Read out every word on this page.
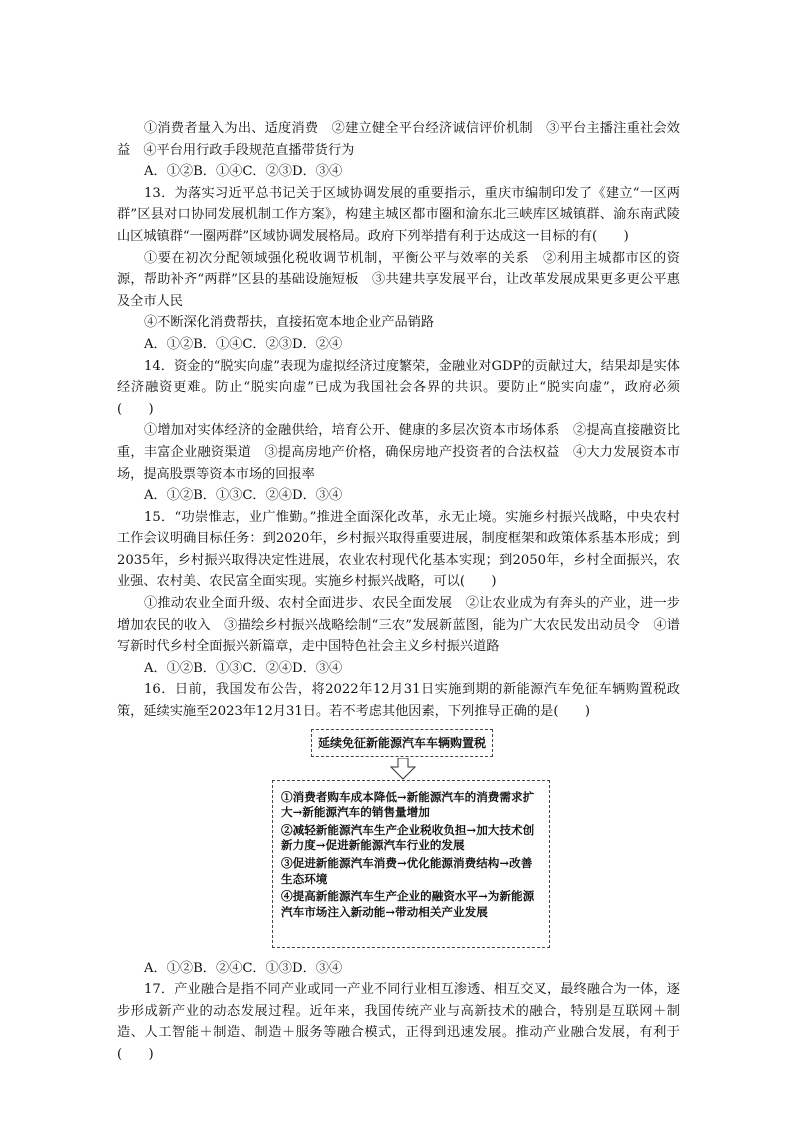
①消费者量入为出、适度消费　②建立健全平台经济诚信评价机制　③平台主播注重社会效益　④平台用行政手段规范直播带货行为

A．①②B．①④C．②③D．③④

13．为落实习近平总书记关于区域协调发展的重要指示，重庆市编制印发了《建立“一区两群”区县对口协同发展机制工作方案》，构建主城区都市圈和渝东北三峡库区城镇群、渝东南武陵山区城镇群“一圈两群”区域协调发展格局。政府下列举措有利于达成这一目标的有(　　)

①要在初次分配领域强化税收调节机制，平衡公平与效率的关系　②利用主城都市区的资源，帮助补齐“两群”区县的基础设施短板　③共建共享发展平台，让改革发展成果更多更公平惠及全市人民

④不断深化消费帮扶，直接拓宽本地企业产品销路

A．①②B．①④C．②③D．②④

14．资金的“脱实向虚”表现为虚拟经济过度繁荣，金融业对GDP的贡献过大，结果却是实体经济融资更难。防止“脱实向虚”已成为我国社会各界的共识。要防止“脱实向虚”，政府必须(　　)

①增加对实体经济的金融供给，培育公开、健康的多层次资本市场体系　②提高直接融资比重，丰富企业融资渠道　③提高房地产价格，确保房地产投资者的合法权益　④大力发展资本市场，提高股票等资本市场的回报率

A．①②B．①③C．②④D．③④

15．“功崇惟志，业广惟勤。”推进全面深化改革，永无止境。实施乡村振兴战略，中央农村工作会议明确目标任务：到2020年，乡村振兴取得重要进展，制度框架和政策体系基本形成；到2035年，乡村振兴取得决定性进展，农业农村现代化基本实现；到2050年，乡村全面振兴，农业强、农村美、农民富全面实现。实施乡村振兴战略，可以(　　)

①推动农业全面升级、农村全面进步、农民全面发展　②让农业成为有奔头的产业，进一步增加农民的收入　③描绘乡村振兴战略绘制“三农”发展新蓝图，能为广大农民发出动员令　④谱写新时代乡村全面振兴新篇章，走中国特色社会主义乡村振兴道路

A．①②B．①③C．②④D．③④

16．日前，我国发布公告，将2022年12月31日实施到期的新能源汽车免征车辆购置税政策，延续实施至2023年12月31日。若不考虑其他因素，下列推导正确的是(　　)

延续免征新能源汽车车辆购置税

①消费者购车成本降低→新能源汽车的消费需求扩大→新能源汽车的销售量增加

②减轻新能源汽车生产企业税收负担→加大技术创新力度→促进新能源汽车行业的发展

③促进新能源汽车消费→优化能源消费结构→改善生态环境

④提高新能源汽车生产企业的融资水平→为新能源汽车市场注入新动能→带动相关产业发展

A．①②B．②④C．①③D．③④

17．产业融合是指不同产业或同一产业不同行业相互渗透、相互交叉，最终融合为一体，逐步形成新产业的动态发展过程。近年来，我国传统产业与高新技术的融合，特别是互联网＋制造、人工智能＋制造、制造＋服务等融合模式，正得到迅速发展。推动产业融合发展，有利于(　　)
